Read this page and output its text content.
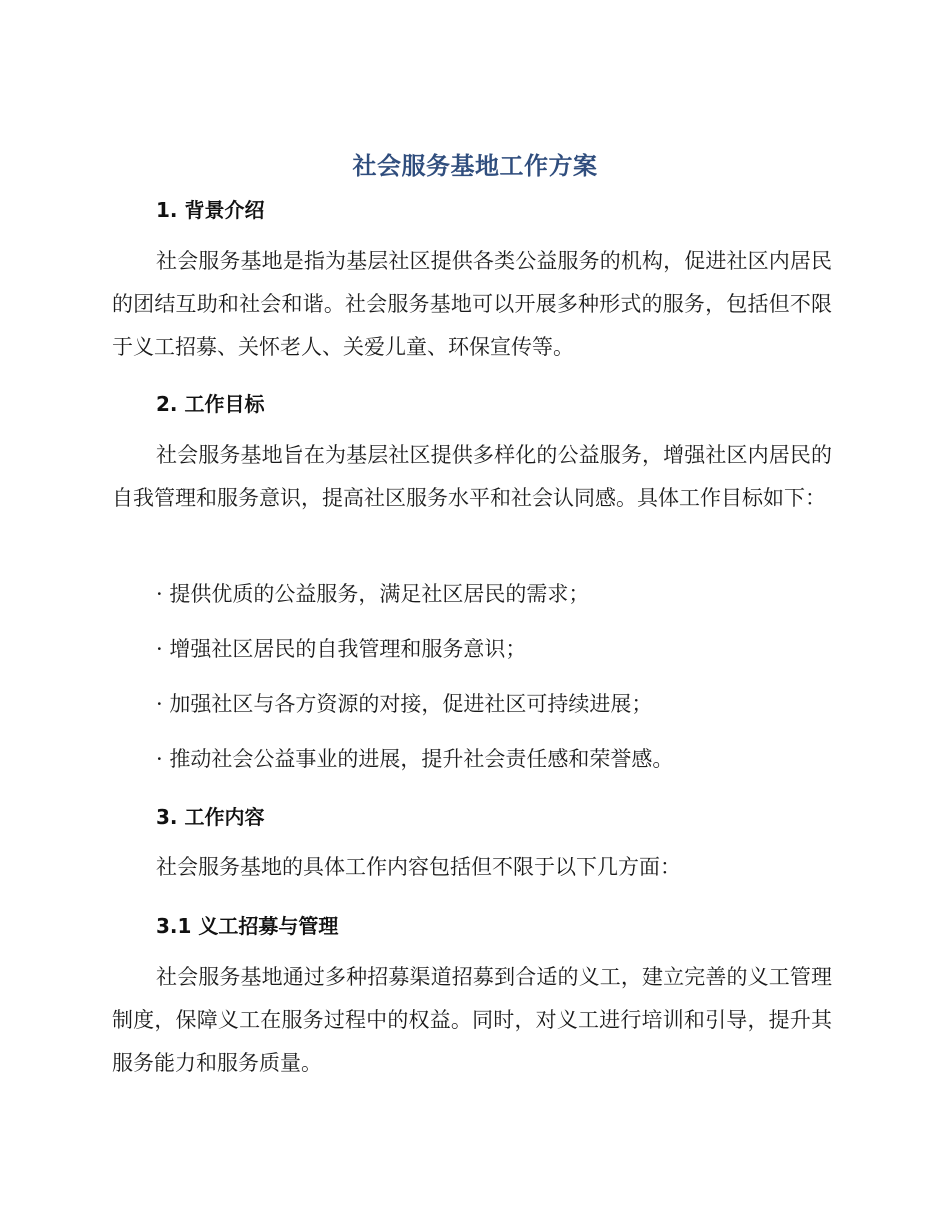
社会服务基地工作方案
1. 背景介绍
社会服务基地是指为基层社区提供各类公益服务的机构，促进社区内居民的团结互助和社会和谐。社会服务基地可以开展多种形式的服务，包括但不限于义工招募、关怀老人、关爱儿童、环保宣传等。
2. 工作目标
社会服务基地旨在为基层社区提供多样化的公益服务，增强社区内居民的自我管理和服务意识，提高社区服务水平和社会认同感。具体工作目标如下：
· 提供优质的公益服务，满足社区居民的需求；
· 增强社区居民的自我管理和服务意识；
· 加强社区与各方资源的对接，促进社区可持续进展；
· 推动社会公益事业的进展，提升社会责任感和荣誉感。
3. 工作内容
社会服务基地的具体工作内容包括但不限于以下几方面：
3.1 义工招募与管理
社会服务基地通过多种招募渠道招募到合适的义工，建立完善的义工管理制度，保障义工在服务过程中的权益。同时，对义工进行培训和引导，提升其服务能力和服务质量。
